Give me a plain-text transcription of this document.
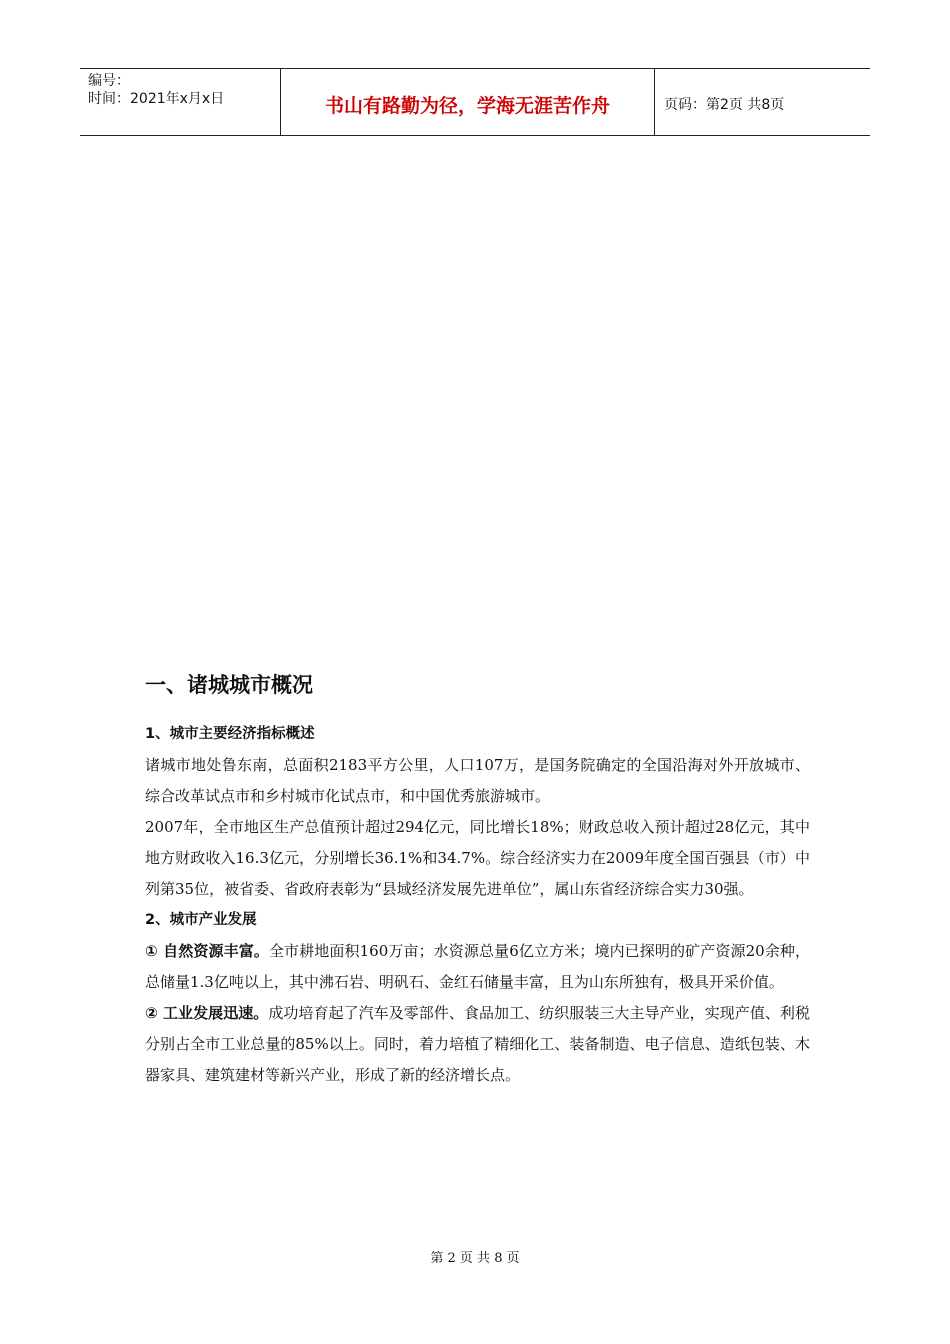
编号：
时间：2021年x月x日	书山有路勤为径，学海无涯苦作舟	页码：第2页 共8页
一、诸城城市概况
1、城市主要经济指标概述

诸城市地处鲁东南，总面积2183平方公里，人口107万，是国务院确定的全国沿海对外开放城市、综合改革试点市和乡村城市化试点市，和中国优秀旅游城市。

2007年，全市地区生产总值预计超过294亿元，同比增长18%；财政总收入预计超过28亿元，其中地方财政收入16.3亿元，分别增长36.1%和34.7%。综合经济实力在2009年度全国百强县（市）中列第35位，被省委、省政府表彰为“县域经济发展先进单位”，属山东省经济综合实力30强。

2、城市产业发展

① 自然资源丰富。全市耕地面积160万亩；水资源总量6亿立方米；境内已探明的矿产资源20余种，总储量1.3亿吨以上，其中沸石岩、明矾石、金红石储量丰富，且为山东所独有，极具开采价值。

② 工业发展迅速。成功培育起了汽车及零部件、食品加工、纺织服装三大主导产业，实现产值、利税分别占全市工业总量的85%以上。同时，着力培植了精细化工、装备制造、电子信息、造纸包装、木器家具、建筑建材等新兴产业，形成了新的经济增长点。

第 2 页 共 8 页
